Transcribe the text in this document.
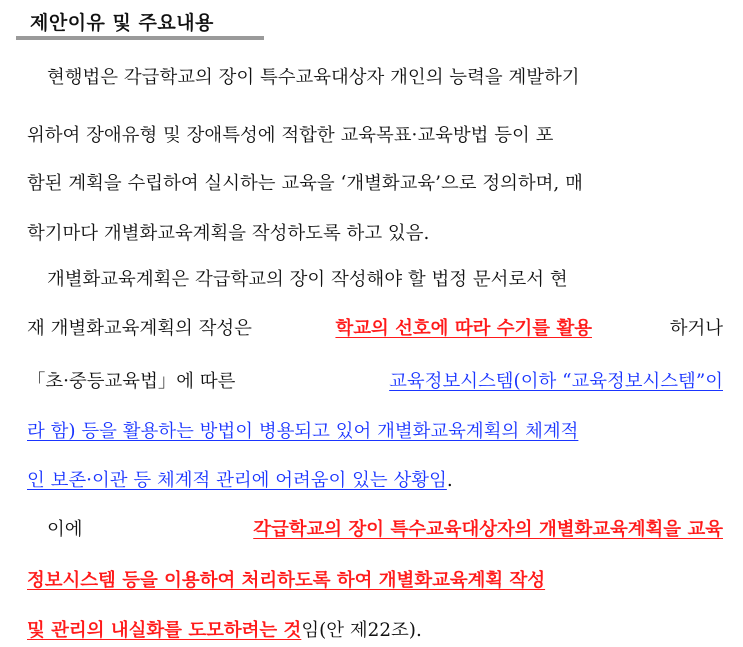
제안이유 및 주요내용
현행법은 각급학교의 장이 특수교육대상자 개인의 능력을 계발하기
위하여 장애유형 및 장애특성에 적합한 교육목표·교육방법 등이 포
함된 계획을 수립하여 실시하는 교육을 ‘개별화교육’으로 정의하며, 매
학기마다 개별화교육계획을 작성하도록 하고 있음.
개별화교육계획은 각급학교의 장이 작성해야 할 법정 문서로서 현
재 개별화교육계획의 작성은	학교의 선호에 따라 수기를 활용	하거나
「초·중등교육법」에 따른	교육정보시스템(이하 “교육정보시스템”이
라 함) 등을 활용하는 방법이 병용되고 있어 개별화교육계획의 체계적
인 보존·이관 등 체계적 관리에 어려움이 있는 상황임 .
이에	각급학교의 장이 특수교육대상자의 개별화교육계획을 교육
정보시스템 등을 이용하여 처리하도록 하여 개별화교육계획 작성
및 관리의 내실화를 도모하려는 것 임(안 제22조).
